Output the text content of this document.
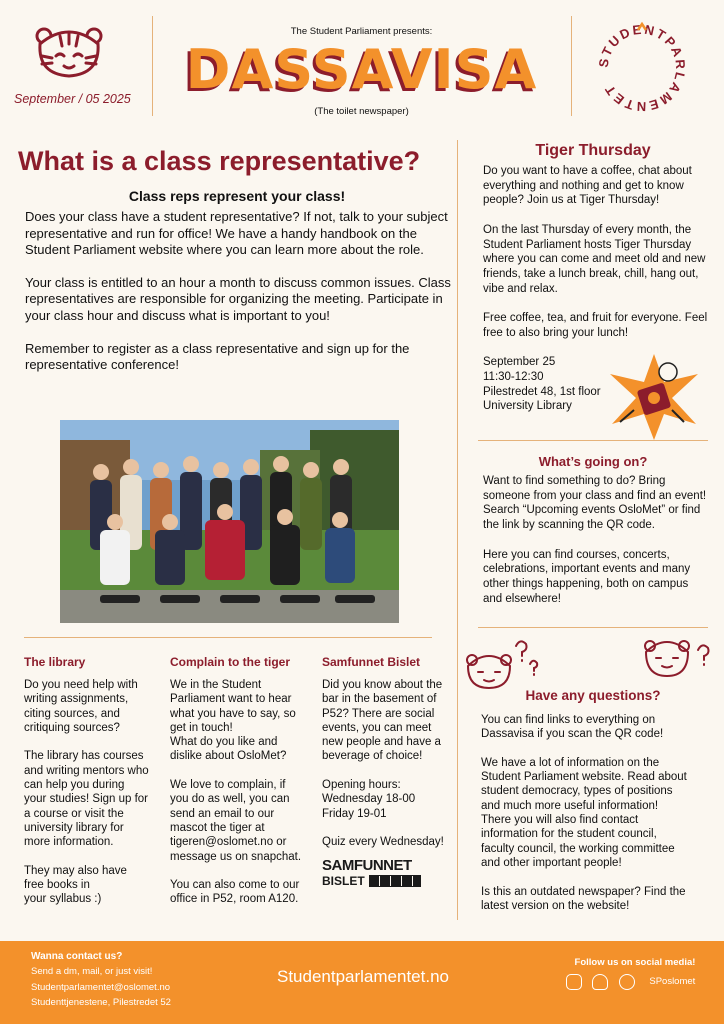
September / 05 2025
The Student Parliament presents:
DASSAVISA
(The toilet newspaper)
STUDENTPARLAMENTET
What is a class representative?
Class reps represent your class!

Does your class have a student representative? If not, talk to your subject representative and run for office! We have a handy handbook on the Student Parliament website where you can learn more about the role.

Your class is entitled to an hour a month to discuss common issues. Class representatives are responsible for organizing the meeting. Participate in your class hour and discuss what is important to you!

Remember to register as a class representative and sign up for the representative conference!

Tiger Thursday

Do you want to have a coffee, chat about everything and nothing and get to know people? Join us at Tiger Thursday!

On the last Thursday of every month, the Student Parliament hosts Tiger Thursday where you can come and meet old and new friends, take a lunch break, chill, hang out, vibe and relax.

Free coffee, tea, and fruit for everyone. Feel free to also bring your lunch!

September 25
11:30-12:30
Pilestredet 48, 1st floor
University Library
What’s going on?

Want to find something to do? Bring someone from your class and find an event! Search “Upcoming events OsloMet” or find the link by scanning the QR code.

Here you can find courses, concerts, celebrations, important events and many other things happening, both on campus and elsewhere!

Have any questions?
You can find links to everything on
Dassavisa if you scan the QR code!

We have a lot of information on the
Student Parliament website. Read about
student democracy, types of positions
and much more useful information!
There you will also find contact
information for the student council,
faculty council, the working committee
and other important people!

Is this an outdated newspaper? Find the
latest version on the website!
The library
Do you need help with
writing assignments,
citing sources, and
critiquing sources?

The library has courses
and writing mentors who
can help you during
your studies! Sign up for
a course or visit the
university library for
more information.

They may also have
free books in
your syllabus :)
Complain to the tiger
We in the Student
Parliament want to hear
what you have to say, so
get in touch!
What do you like and
dislike about OsloMet?

We love to complain, if
you do as well, you can
send an email to our
mascot the tiger at
tigeren@oslomet.no or
message us on snapchat.

You can also come to our
office in P52, room A120.
Samfunnet Bislet
Did you know about the
bar in the basement of
P52? There are social
events, you can meet
new people and have a
beverage of choice!

Opening hours:
Wednesday 18-00
Friday 19-01

Quiz every Wednesday!
SAMFUNNET
BISLET
Wanna contact us?
Send a dm, mail, or just visit!
Studentparlamentet@oslomet.no
Studenttjenestene, Pilestredet 52
Studentparlamentet.no
Follow us on social media!
SPoslomet
